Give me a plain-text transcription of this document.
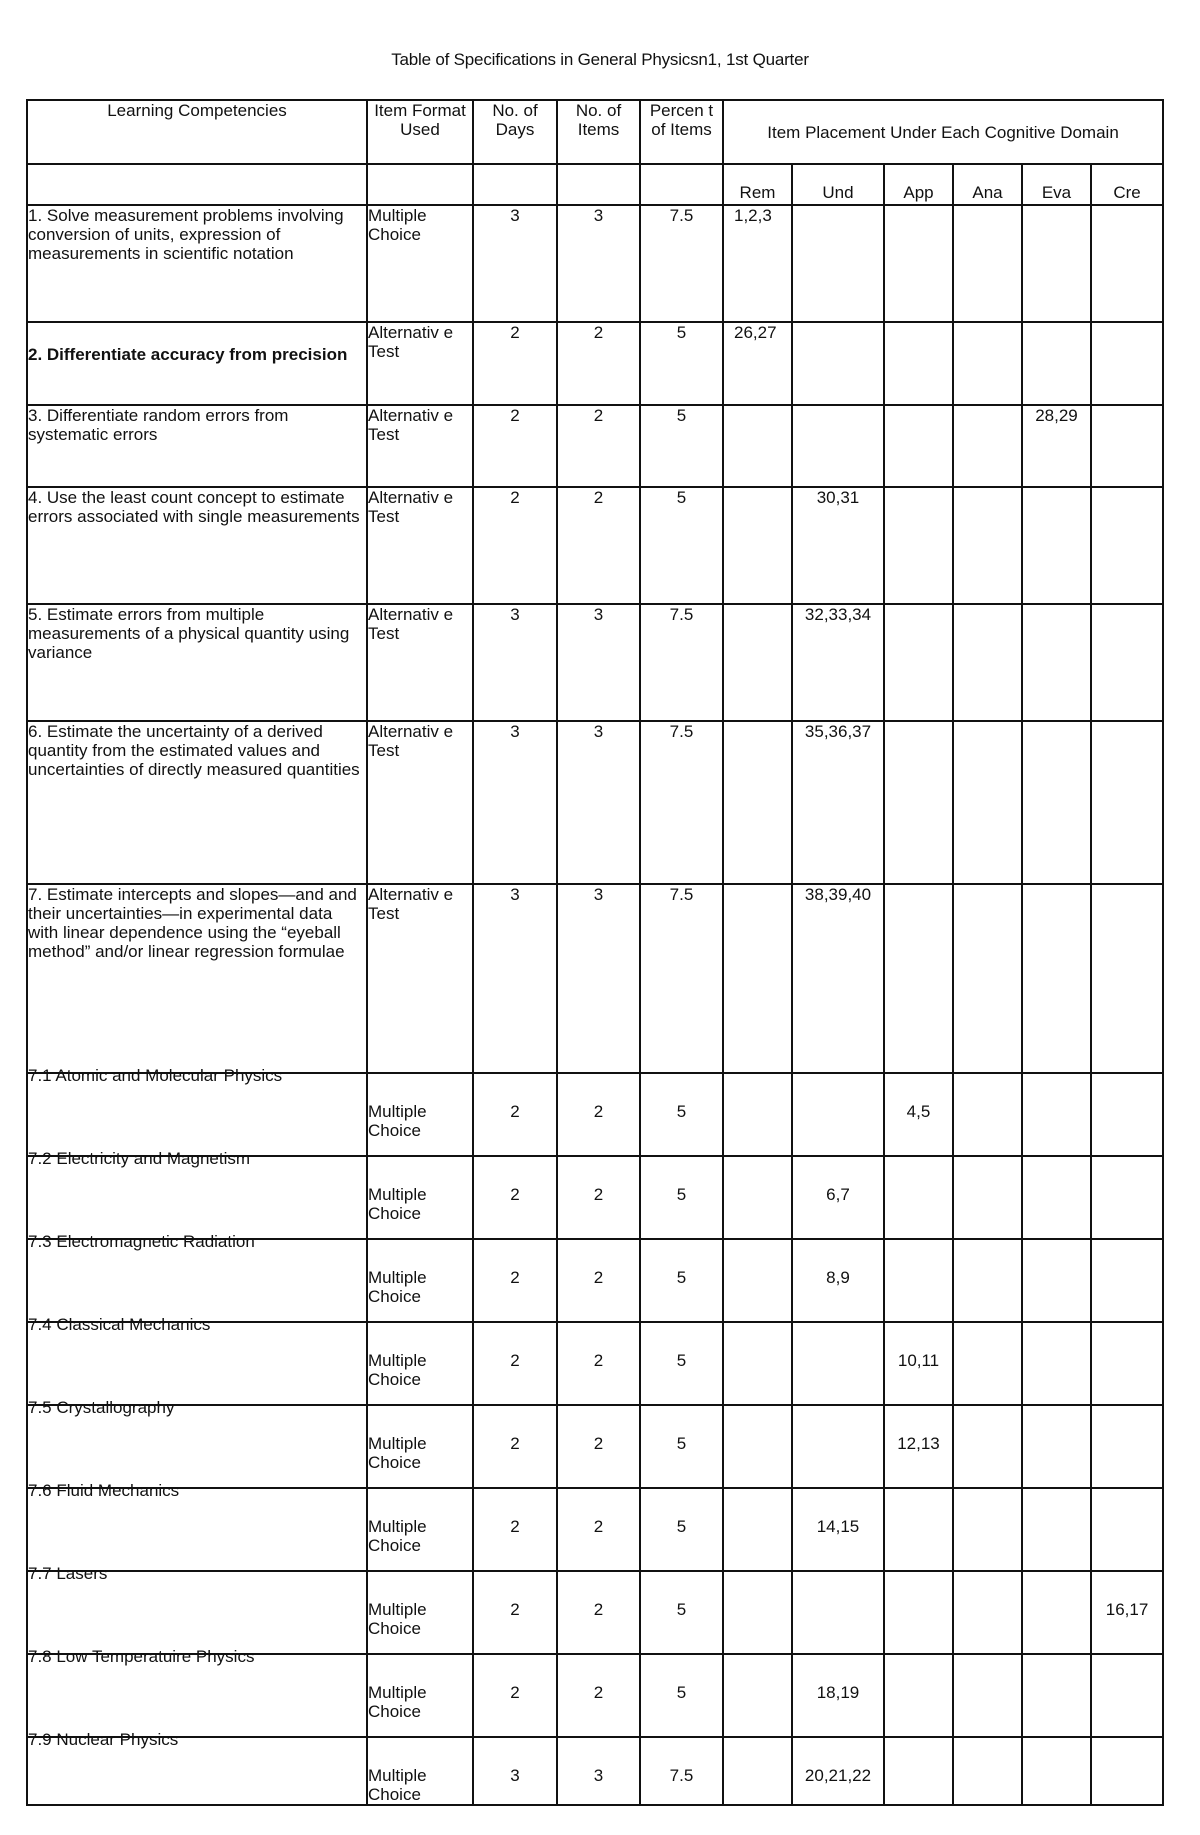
Table of Specifications in General Physicsn1, 1st Quarter
Learning Competencies	Item Format Used	No. of Days	No. of Items	Percen t of Items	Item Placement Under Each Cognitive Domain					
					Rem	Und	App	Ana	Eva	Cre
1. Solve measurement problems involving conversion of units, expression of measurements in scientific notation	Multiple Choice	3	3	7.5	1,2,3					
2. Differentiate accuracy from precision	Alternativ e Test	2	2	5	26,27					
3. Differentiate random errors from systematic errors	Alternativ e Test	2	2	5					28,29	
4. Use the least count concept to estimate errors associated with single measurements	Alternativ e Test	2	2	5		30,31				
5. Estimate errors from multiple measurements of a physical quantity using variance	Alternativ e Test	3	3	7.5		32,33,34				
6. Estimate the uncertainty of a derived quantity from the estimated values and uncertainties of directly measured quantities	Alternativ e Test	3	3	7.5		35,36,37				
7. Estimate intercepts and slopes—and and their uncertainties—in experimental data with linear dependence using the “eyeball method” and/or linear regression formulae	Alternativ e Test	3	3	7.5		38,39,40				
7.1 Atomic and Molecular Physics	Multiple Choice	2	2	5			4,5			
7.2 Electricity and Magnetism	Multiple Choice	2	2	5		6,7				
7.3 Electromagnetic Radiation	Multiple Choice	2	2	5		8,9				
7.4 Classical Mechanics	Multiple Choice	2	2	5			10,11			
7.5 Crystallography	Multiple Choice	2	2	5			12,13			
7.6 Fluid Mechanics	Multiple Choice	2	2	5		14,15				
7.7 Lasers	Multiple Choice	2	2	5						16,17
7.8 Low Temperatuire Physics	Multiple Choice	2	2	5		18,19				
7.9 Nuclear Physics	Multiple Choice	3	3	7.5		20,21,22				
